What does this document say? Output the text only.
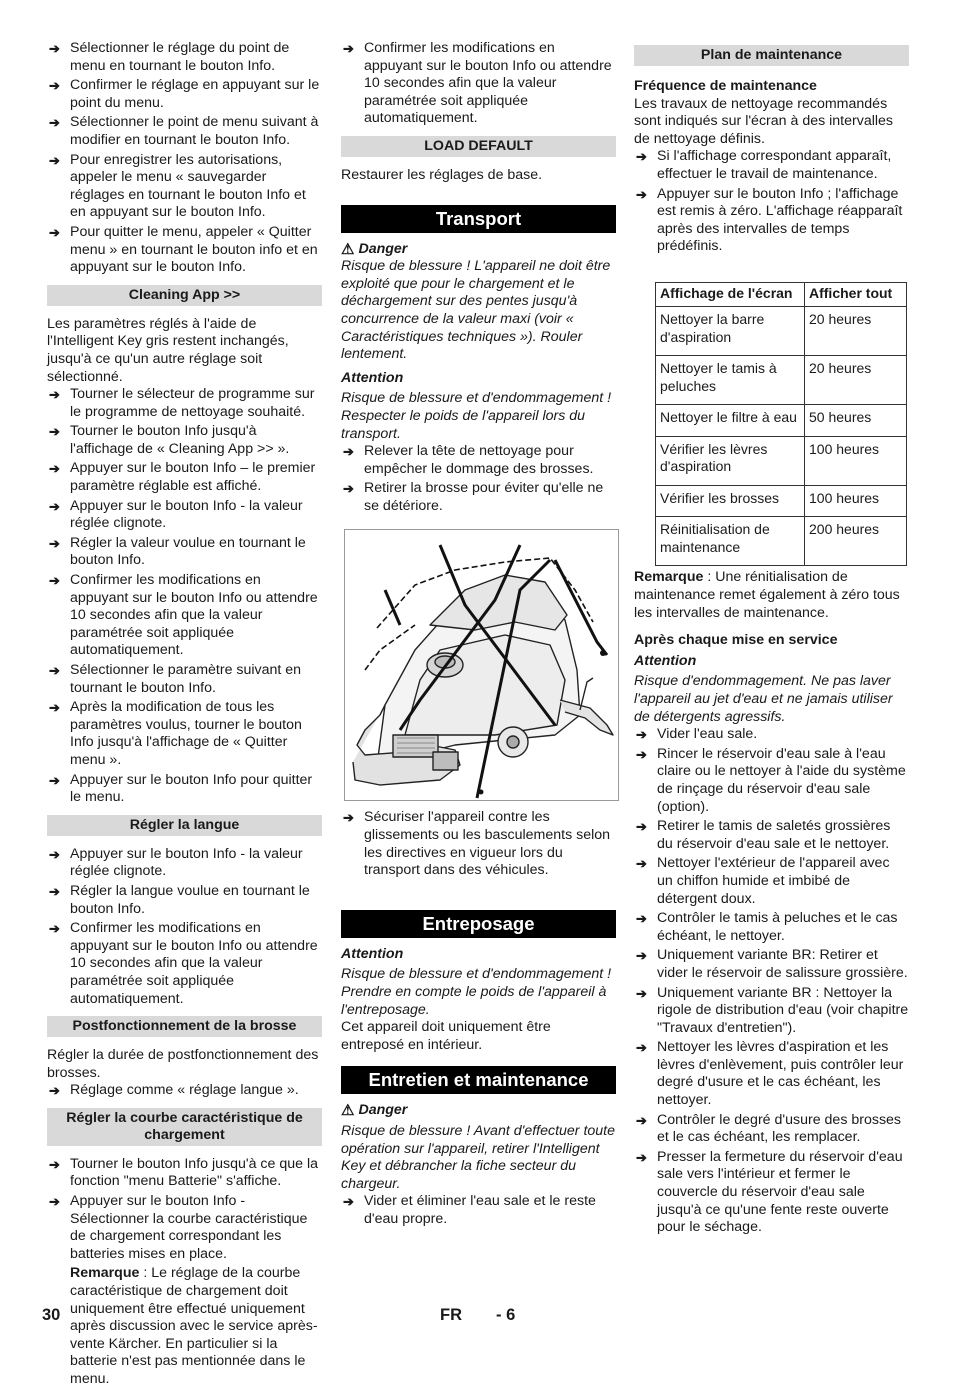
➔ Sélectionner le réglage du point de menu en tournant le bouton Info.
➔ Confirmer le réglage en appuyant sur le point du menu.
➔ Sélectionner le point de menu suivant à modifier en tournant le bouton Info.
➔ Pour enregistrer les autorisations, appeler le menu « sauvegarder réglages en tournant le bouton Info et en appuyant sur le bouton Info.
➔ Pour quitter le menu, appeler « Quitter menu » en tournant le bouton info et en appuyant sur le bouton Info.
Cleaning App >>

Les paramètres réglés à l'aide de l'Intelligent Key gris restent inchangés, jusqu'à ce qu'un autre réglage soit sélectionné.

➔ Tourner le sélecteur de programme sur le programme de nettoyage souhaité.
➔ Tourner le bouton Info jusqu'à l'affichage de « Cleaning App >> ».
➔ Appuyer sur le bouton Info – le premier paramètre réglable est affiché.
➔ Appuyer sur le bouton Info - la valeur réglée clignote.
➔ Régler la valeur voulue en tournant le bouton Info.
➔ Confirmer les modifications en appuyant sur le bouton Info ou attendre 10 secondes afin que la valeur paramétrée soit appliquée automatiquement.
➔ Sélectionner le paramètre suivant en tournant le bouton Info.
➔ Après la modification de tous les paramètres voulus, tourner le bouton Info jusqu'à l'affichage de « Quitter menu ».
➔ Appuyer sur le bouton Info pour quitter le menu.
Régler la langue
➔ Appuyer sur le bouton Info - la valeur réglée clignote.
➔ Régler la langue voulue en tournant le bouton Info.
➔ Confirmer les modifications en appuyant sur le bouton Info ou attendre 10 secondes afin que la valeur paramétrée soit appliquée automatiquement.
Postfonctionnement de la brosse

Régler la durée de postfonctionnement des brosses.

➔ Réglage comme « réglage langue ».
Régler la courbe caractéristique de chargement
➔ Tourner le bouton Info jusqu'à ce que la fonction "menu Batterie" s'affiche.
➔ Appuyer sur le bouton Info - Sélectionner la courbe caractéristique de chargement correspondant les batteries mises en place.

Remarque : Le réglage de la courbe caractéristique de chargement doit uniquement être effectué uniquement après discussion avec le service après-vente Kärcher. En particulier si la batterie n'est pas mentionnée dans le menu.

➔ Confirmer les modifications en appuyant sur le bouton Info ou attendre 10 secondes afin que la valeur paramétrée soit appliquée automatiquement.
LOAD DEFAULT

Restaurer les réglages de base.

Transport

⚠ Danger

Risque de blessure ! L'appareil ne doit être exploité que pour le chargement et le déchargement sur des pentes jusqu'à concurrence de la valeur maxi (voir « Caractéristiques techniques »). Rouler lentement.

Attention

Risque de blessure et d'endommagement ! Respecter le poids de l'appareil lors du transport.

➔ Relever la tête de nettoyage pour empêcher le dommage des brosses.
➔ Retirer la brosse pour éviter qu'elle ne se détériore.
➔ Sécuriser l'appareil contre les glissements ou les basculements selon les directives en vigueur lors du transport dans des véhicules.
Entreposage

Attention

Risque de blessure et d'endommagement ! Prendre en compte le poids de l'appareil à l'entreposage.

Cet appareil doit uniquement être entreposé en intérieur.

Entretien et maintenance

⚠ Danger

Risque de blessure ! Avant d'effectuer toute opération sur l'appareil, retirer l'Intelligent Key et débrancher la fiche secteur du chargeur.

➔ Vider et éliminer l'eau sale et le reste d'eau propre.
Plan de maintenance

Fréquence de maintenance

Les travaux de nettoyage recommandés sont indiqués sur l'écran à des intervalles de nettoyage définis.

➔ Si l'affichage correspondant apparaît, effectuer le travail de maintenance.
➔ Appuyer sur le bouton Info ; l'affichage est remis à zéro. L'affichage réapparaît après des intervalles de temps prédéfinis.
Affichage de l'écran	Afficher tout
Nettoyer la barre d'aspiration	20 heures
Nettoyer le tamis à peluches	20 heures
Nettoyer le filtre à eau	50 heures
Vérifier les lèvres d'aspiration	100 heures
Vérifier les brosses	100 heures
Réinitialisation de maintenance	200 heures

Remarque : Une rénitialisation de maintenance remet également à zéro tous les intervalles de maintenance.

Après chaque mise en service

Attention

Risque d'endommagement. Ne pas laver l'appareil au jet d'eau et ne jamais utiliser de détergents agressifs.

➔ Vider l'eau sale.
➔ Rincer le réservoir d'eau sale à l'eau claire ou le nettoyer à l'aide du système de rinçage du réservoir d'eau sale (option).
➔ Retirer le tamis de saletés grossières du réservoir d'eau sale et le nettoyer.
➔ Nettoyer l'extérieur de l'appareil avec un chiffon humide et imbibé de détergent doux.
➔ Contrôler le tamis à peluches et le cas échéant, le nettoyer.
➔ Uniquement variante BR: Retirer et vider le réservoir de salissure grossière.
➔ Uniquement variante BR : Nettoyer la rigole de distribution d'eau (voir chapitre "Travaux d'entretien").
➔ Nettoyer les lèvres d'aspiration et les lèvres d'enlèvement, puis contrôler leur degré d'usure et le cas échéant, les nettoyer.
➔ Contrôler le degré d'usure des brosses et le cas échéant, les remplacer.
➔ Presser la fermeture du réservoir d'eau sale vers l'intérieur et fermer le couvercle du réservoir d'eau sale jusqu'à ce qu'une fente reste ouverte pour le séchage.
30	FR - 6
